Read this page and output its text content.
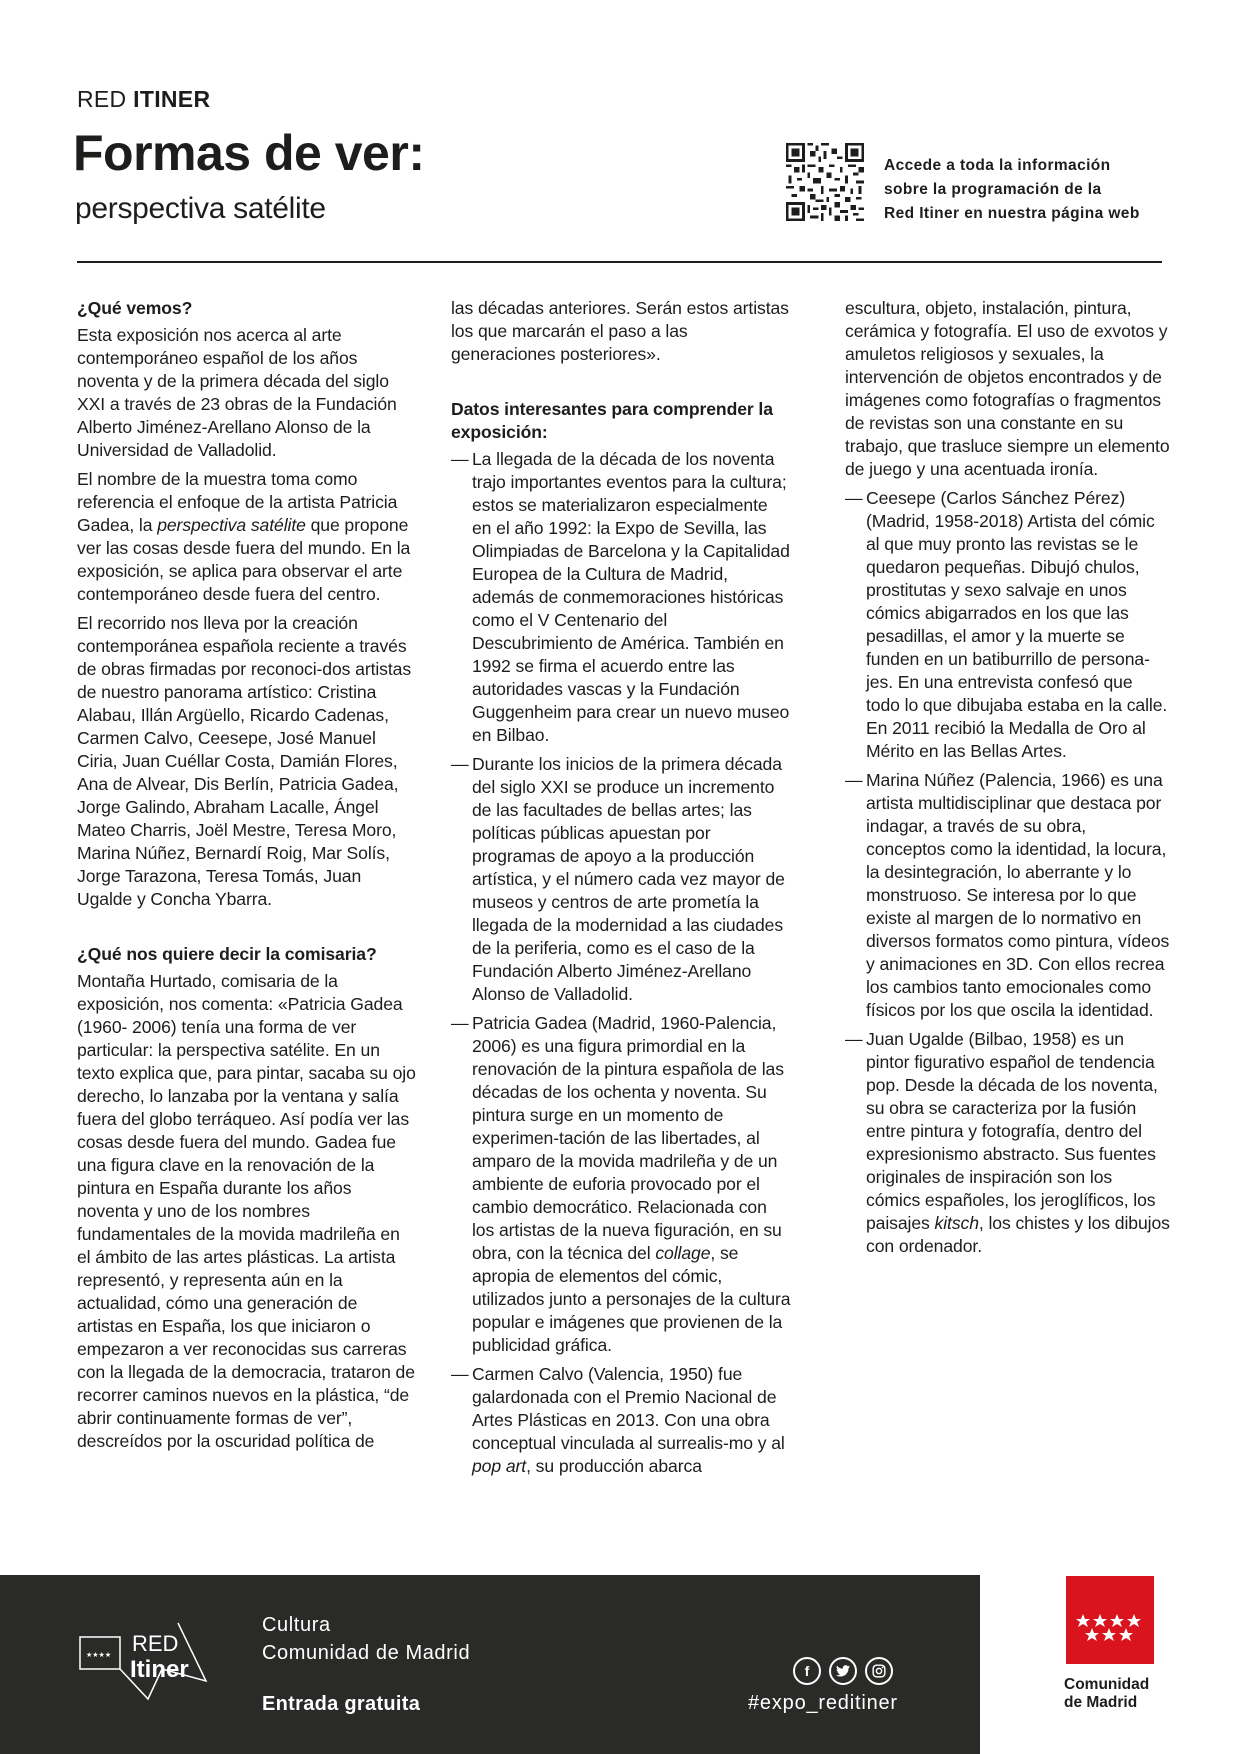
RED ITINER
Formas de ver:
perspectiva satélite
Accede a toda la información
sobre la programación de la
Red Itiner en nuestra página web
¿Qué vemos?

Esta exposición nos acerca al arte contemporáneo español de los años noventa y de la primera década del siglo XXI a través de 23 obras de la Fundación Alberto Jiménez-Arellano Alonso de la Universidad de Valladolid.

El nombre de la muestra toma como referencia el enfoque de la artista Patricia Gadea, la perspectiva satélite que propone ver las cosas desde fuera del mundo. En la exposición, se aplica para observar el arte contemporáneo desde fuera del centro.

El recorrido nos lleva por la creación contemporánea española reciente a través de obras firmadas por reconoci-dos artistas de nuestro panorama artístico: Cristina Alabau, Illán Argüello, Ricardo Cadenas, Carmen Calvo, Ceesepe, José Manuel Ciria, Juan Cuéllar Costa, Damián Flores, Ana de Alvear, Dis Berlín, Patricia Gadea, Jorge Galindo, Abraham Lacalle, Ángel Mateo Charris, Joël Mestre, Teresa Moro, Marina Núñez, Bernardí Roig, Mar Solís, Jorge Tarazona, Teresa Tomás, Juan Ugalde y Concha Ybarra.

¿Qué nos quiere decir la comisaria?

Montaña Hurtado, comisaria de la exposición, nos comenta: «Patricia Gadea (1960- 2006) tenía una forma de ver particular: la perspectiva satélite. En un texto explica que, para pintar, sacaba su ojo derecho, lo lanzaba por la ventana y salía fuera del globo terráqueo. Así podía ver las cosas desde fuera del mundo. Gadea fue una figura clave en la renovación de la pintura en España durante los años noventa y uno de los nombres fundamentales de la movida madrileña en el ámbito de las artes plásticas. La artista representó, y representa aún en la actualidad, cómo una generación de artistas en España, los que iniciaron o empezaron a ver reconocidas sus carreras con la llegada de la democracia, trataron de recorrer caminos nuevos en la plástica, “de abrir continuamente formas de ver”, descreídos por la oscuridad política de

las décadas anteriores. Serán estos artistas los que marcarán el paso a las generaciones posteriores».

Datos interesantes para comprender la exposición:
— La llegada de la década de los noventa trajo importantes eventos para la cultura; estos se materializaron especialmente en el año 1992: la Expo de Sevilla, las Olimpiadas de Barcelona y la Capitalidad Europea de la Cultura de Madrid, además de conmemoraciones históricas como el V Centenario del Descubrimiento de América. También en 1992 se firma el acuerdo entre las autoridades vascas y la Fundación Guggenheim para crear un nuevo museo en Bilbao.
— Durante los inicios de la primera década del siglo XXI se produce un incremento de las facultades de bellas artes; las políticas públicas apuestan por programas de apoyo a la producción artística, y el número cada vez mayor de museos y centros de arte prometía la llegada de la modernidad a las ciudades de la periferia, como es el caso de la Fundación Alberto Jiménez-Arellano Alonso de Valladolid.
— Patricia Gadea (Madrid, 1960-Palencia, 2006) es una figura primordial en la renovación de la pintura española de las décadas de los ochenta y noventa. Su pintura surge en un momento de experimen-tación de las libertades, al amparo de la movida madrileña y de un ambiente de euforia provocado por el cambio democrático. Relacionada con los artistas de la nueva figuración, en su obra, con la técnica del collage, se apropia de elementos del cómic, utilizados junto a personajes de la cultura popular e imágenes que provienen de la publicidad gráfica.
— Carmen Calvo (Valencia, 1950) fue galardonada con el Premio Nacional de Artes Plásticas en 2013. Con una obra conceptual vinculada al surrealis-mo y al pop art, su producción abarca

escultura, objeto, instalación, pintura, cerámica y fotografía. El uso de exvotos y amuletos religiosos y sexuales, la intervención de objetos encontrados y de imágenes como fotografías o fragmentos de revistas son una constante en su trabajo, que trasluce siempre un elemento de juego y una acentuada ironía.

— Ceesepe (Carlos Sánchez Pérez) (Madrid, 1958-2018) Artista del cómic al que muy pronto las revistas se le quedaron pequeñas. Dibujó chulos, prostitutas y sexo salvaje en unos cómics abigarrados en los que las pesadillas, el amor y la muerte se funden en un batiburrillo de persona-jes. En una entrevista confesó que todo lo que dibujaba estaba en la calle. En 2011 recibió la Medalla de Oro al Mérito en las Bellas Artes.
— Marina Núñez (Palencia, 1966) es una artista multidisciplinar que destaca por indagar, a través de su obra, conceptos como la identidad, la locura, la desintegración, lo aberrante y lo monstruoso. Se interesa por lo que existe al margen de lo normativo en diversos formatos como pintura, vídeos y animaciones en 3D. Con ellos recrea los cambios tanto emocionales como físicos por los que oscila la identidad.
— Juan Ugalde (Bilbao, 1958) es un pintor figurativo español de tendencia pop. Desde la década de los noventa, su obra se caracteriza por la fusión entre pintura y fotografía, dentro del expresionismo abstracto. Sus fuentes originales de inspiración son los cómics españoles, los jeroglíficos, los paisajes kitsch, los chistes y los dibujos con ordenador.
★★★★ RED
Itiner
Cultura
Comunidad de Madrid
Entrada gratuita
f
#expo_reditiner
Comunidad
de Madrid
